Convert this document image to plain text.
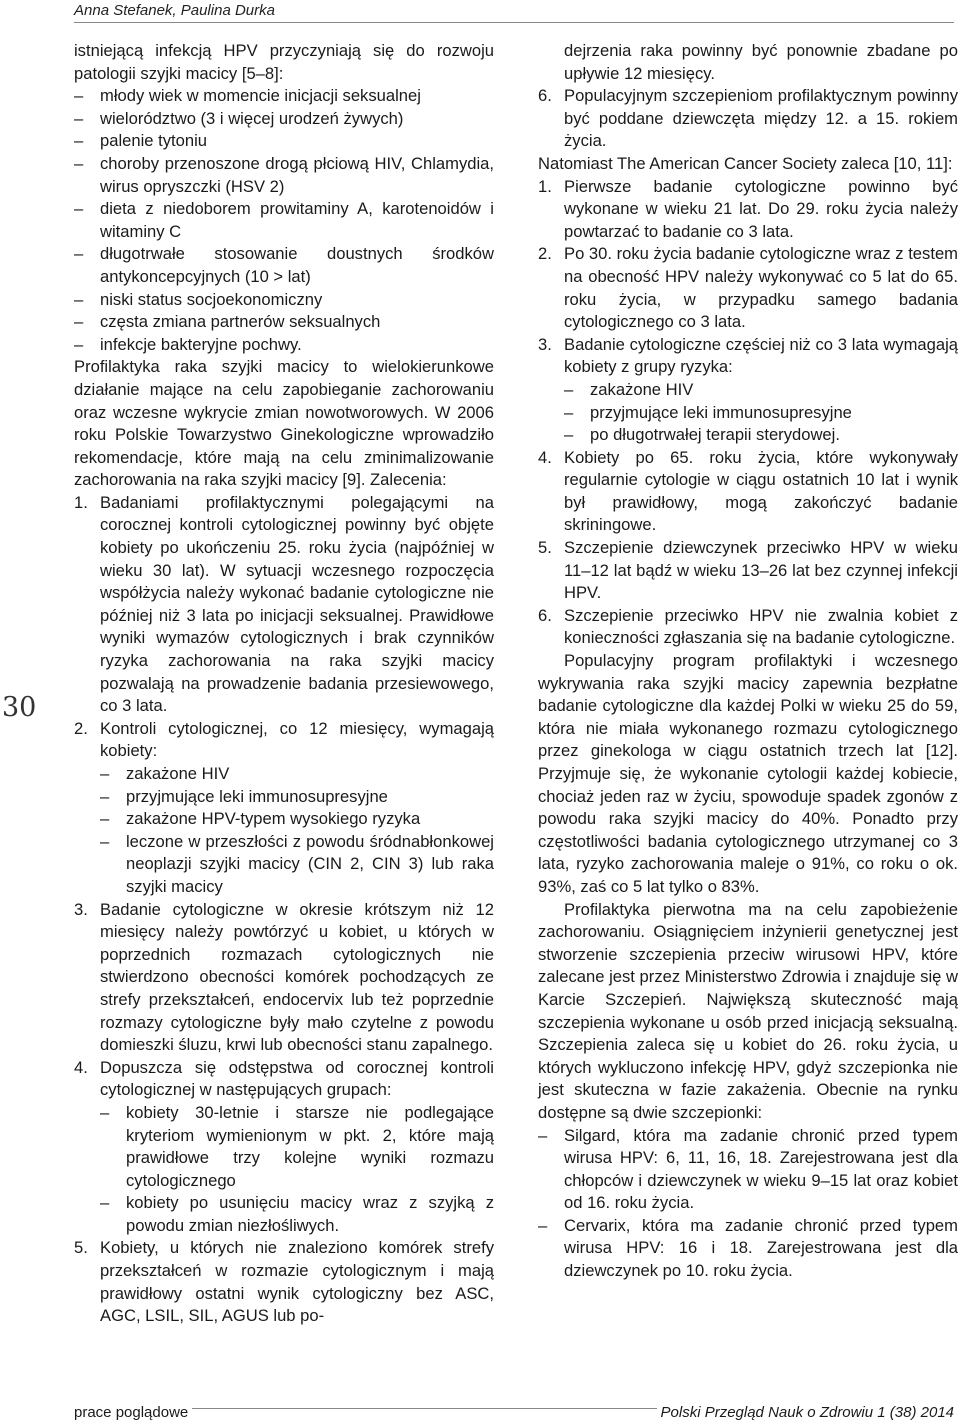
Anna Stefanek, Paulina Durka
30

istniejącą infekcją HPV przyczyniają się do rozwoju patologii szyjki macicy [5–8]:

– młody wiek w momencie inicjacji seksualnej
– wielorództwo (3 i więcej urodzeń żywych)
– palenie tytoniu
– choroby przenoszone drogą płciową HIV, Chlamydia, wirus opryszczki (HSV 2)
– dieta z niedoborem prowitaminy A, karotenoidów i witaminy C
– długotrwałe stosowanie doustnych środków antykoncepcyjnych (10 > lat)
– niski status socjoekonomiczny
– częsta zmiana partnerów seksualnych
– infekcje bakteryjne pochwy.

Profilaktyka raka szyjki macicy to wielokierunkowe działanie mające na celu zapobieganie zachorowaniu oraz wczesne wykrycie zmian nowotworowych. W 2006 roku Polskie Towarzystwo Ginekologiczne wprowadziło rekomendacje, które mają na celu zminimalizowanie zachorowania na raka szyjki macicy [9]. Zalecenia:

1. Badaniami profilaktycznymi polegającymi na corocznej kontroli cytologicznej powinny być objęte kobiety po ukończeniu 25. roku życia (najpóźniej w wieku 30 lat). W sytuacji wczesnego rozpoczęcia współżycia należy wykonać badanie cytologiczne nie później niż 3 lata po inicjacji seksualnej. Prawidłowe wyniki wymazów cytologicznych i brak czynników ryzyka zachorowania na raka szyjki macicy pozwalają na prowadzenie badania przesiewowego, co 3 lata.
2. Kontroli cytologicznej, co 12 miesięcy, wymagają kobiety:
– zakażone HIV
– przyjmujące leki immunosupresyjne
– zakażone HPV-typem wysokiego ryzyka
– leczone w przeszłości z powodu śródnabłonkowej neoplazji szyjki macicy (CIN 2, CIN 3) lub raka szyjki macicy
3. Badanie cytologiczne w okresie krótszym niż 12 miesięcy należy powtórzyć u kobiet, u których w poprzednich rozmazach cytologicznych nie stwierdzono obecności komórek pochodzących ze strefy przekształceń, endocervix lub też poprzednie rozmazy cytologiczne były mało czytelne z powodu domieszki śluzu, krwi lub obecności stanu zapalnego.
4. Dopuszcza się odstępstwa od corocznej kontroli cytologicznej w następujących grupach:
– kobiety 30-letnie i starsze nie podlegające kryteriom wymienionym w pkt. 2, które mają prawidłowe trzy kolejne wyniki rozmazu cytologicznego
– kobiety po usunięciu macicy wraz z szyjką z powodu zmian niezłośliwych.
5. Kobiety, u których nie znaleziono komórek strefy przekształceń w rozmazie cytologicznym i mają prawidłowy ostatni wynik cytologiczny bez ASC, AGC, LSIL, SIL, AGUS lub po-
dejrzenia raka powinny być ponownie zbadane po upływie 12 miesięcy.
6. Populacyjnym szczepieniom profilaktycznym powinny być poddane dziewczęta między 12. a 15. rokiem życia.

Natomiast The American Cancer Society zaleca [10, 11]:

1. Pierwsze badanie cytologiczne powinno być wykonane w wieku 21 lat. Do 29. roku życia należy powtarzać to badanie co 3 lata.
2. Po 30. roku życia badanie cytologiczne wraz z testem na obecność HPV należy wykonywać co 5 lat do 65. roku życia, w przypadku samego badania cytologicznego co 3 lata.
3. Badanie cytologiczne częściej niż co 3 lata wymagają kobiety z grupy ryzyka:
– zakażone HIV
– przyjmujące leki immunosupresyjne
– po długotrwałej terapii sterydowej.
4. Kobiety po 65. roku życia, które wykonywały regularnie cytologie w ciągu ostatnich 10 lat i wynik był prawidłowy, mogą zakończyć badanie skriningowe.
5. Szczepienie dziewczynek przeciwko HPV w wieku 11–12 lat bądź w wieku 13–26 lat bez czynnej infekcji HPV.
6. Szczepienie przeciwko HPV nie zwalnia kobiet z konieczności zgłaszania się na badanie cytologiczne.

Populacyjny program profilaktyki i wczesnego wykrywania raka szyjki macicy zapewnia bezpłatne badanie cytologiczne dla każdej Polki w wieku 25 do 59, która nie miała wykonanego rozmazu cytologicznego przez ginekologa w ciągu ostatnich trzech lat [12]. Przyjmuje się, że wykonanie cytologii każdej kobiecie, chociaż jeden raz w życiu, spowoduje spadek zgonów z powodu raka szyjki macicy do 40%. Ponadto przy częstotliwości badania cytologicznego utrzymanej co 3 lata, ryzyko zachorowania maleje o 91%, co roku o ok. 93%, zaś co 5 lat tylko o 83%.

Profilaktyka pierwotna ma na celu zapobieżenie zachorowaniu. Osiągnięciem inżynierii genetycznej jest stworzenie szczepienia przeciw wirusowi HPV, które zalecane jest przez Ministerstwo Zdrowia i znajduje się w Karcie Szczepień. Największą skuteczność mają szczepienia wykonane u osób przed inicjacją seksualną. Szczepienia zaleca się u kobiet do 26. roku życia, u których wykluczono infekcję HPV, gdyż szczepionka nie jest skuteczna w fazie zakażenia. Obecnie na rynku dostępne są dwie szczepionki:

– Silgard, która ma zadanie chronić przed typem wirusa HPV: 6, 11, 16, 18. Zarejestrowana jest dla chłopców i dziewczynek w wieku 9–15 lat oraz kobiet od 16. roku życia.
– Cervarix, która ma zadanie chronić przed typem wirusa HPV: 16 i 18. Zarejestrowana jest dla dziewczynek po 10. roku życia.
prace poglądowe	Polski Przegląd Nauk o Zdrowiu 1 (38) 2014
